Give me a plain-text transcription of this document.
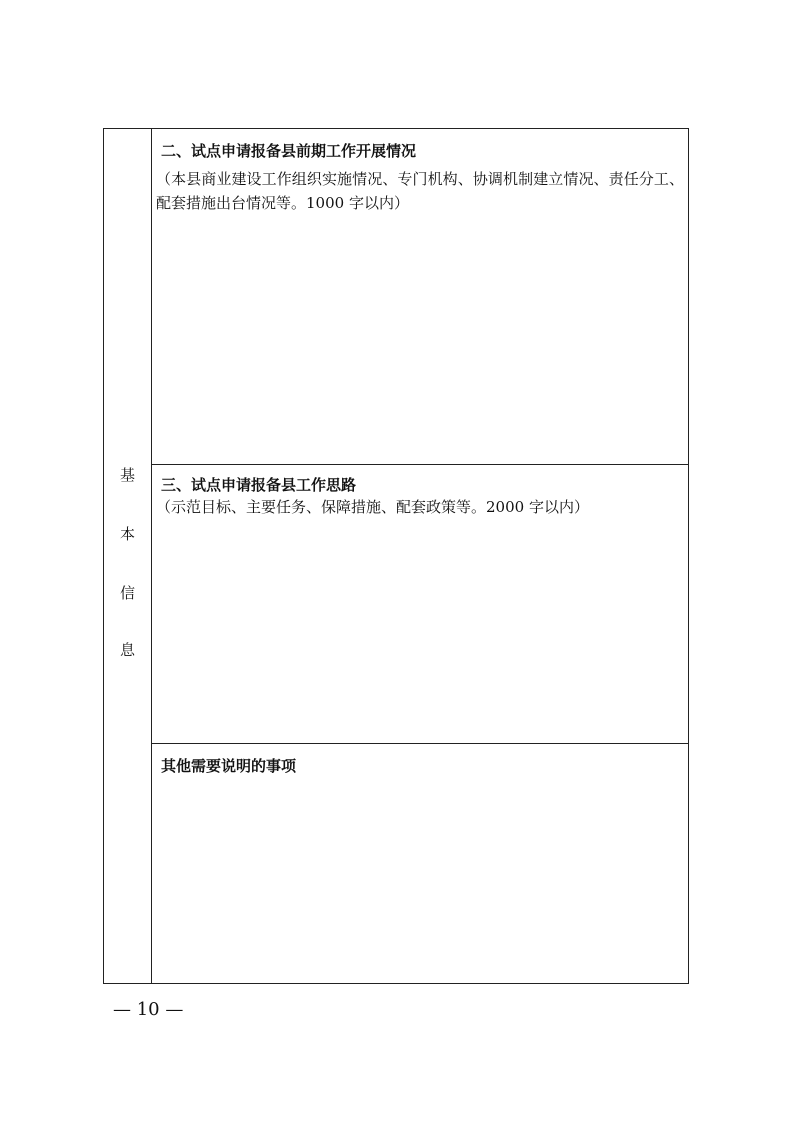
基
本
信
息
二、试点申请报备县前期工作开展情况
（本县商业建设工作组织实施情况、专门机构、协调机制建立情况、责任分工、配套措施出台情况等。1000 字以内）
三、试点申请报备县工作思路
（示范目标、主要任务、保障措施、配套政策等。2000 字以内）
其他需要说明的事项
— 10 —
